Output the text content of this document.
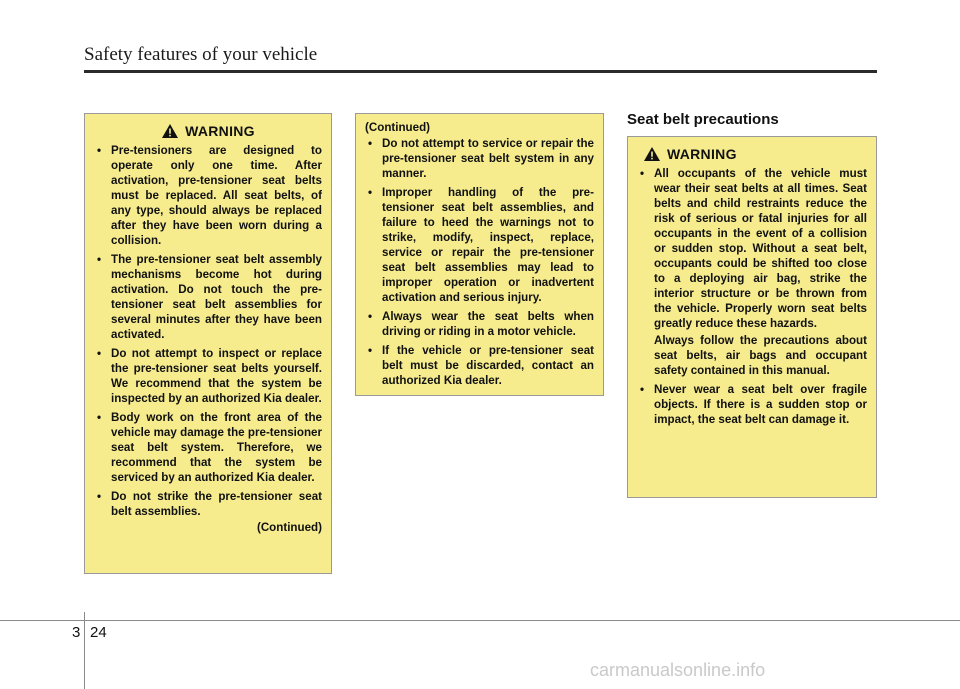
Safety features of your vehicle
WARNING
• Pre-tensioners are designed to operate only one time. After activation, pre-tensioner seat belts must be replaced. All seat belts, of any type, should always be replaced after they have been worn during a collision.
• The pre-tensioner seat belt assembly mechanisms become hot during activation. Do not touch the pre-tensioner seat belt assemblies for several minutes after they have been activated.
• Do not attempt to inspect or replace the pre-tensioner seat belts yourself. We recommend that the system be inspected by an authorized Kia dealer.
• Body work on the front area of the vehicle may damage the pre-tensioner seat belt system. Therefore, we recommend that the system be serviced by an authorized Kia dealer.
• Do not strike the pre-tensioner seat belt assemblies.
(Continued)
(Continued)
• Do not attempt to service or repair the pre-tensioner seat belt system in any manner.
• Improper handling of the pre-tensioner seat belt assemblies, and failure to heed the warnings not to strike, modify, inspect, replace, service or repair the pre-tensioner seat belt assemblies may lead to improper operation or inadvertent activation and serious injury.
• Always wear the seat belts when driving or riding in a motor vehicle.
• If the vehicle or pre-tensioner seat belt must be discarded, contact an authorized Kia dealer.
Seat belt precautions
WARNING
• All occupants of the vehicle must wear their seat belts at all times. Seat belts and child restraints reduce the risk of serious or fatal injuries for all occupants in the event of a collision or sudden stop. Without a seat belt, occupants could be shifted too close to a deploying air bag, strike the interior structure or be thrown from the vehicle. Properly worn seat belts greatly reduce these hazards.
Always follow the precautions about seat belts, air bags and occupant safety contained in this manual.
• Never wear a seat belt over fragile objects. If there is a sudden stop or impact, the seat belt can damage it.
3 24
carmanualsonline.info
